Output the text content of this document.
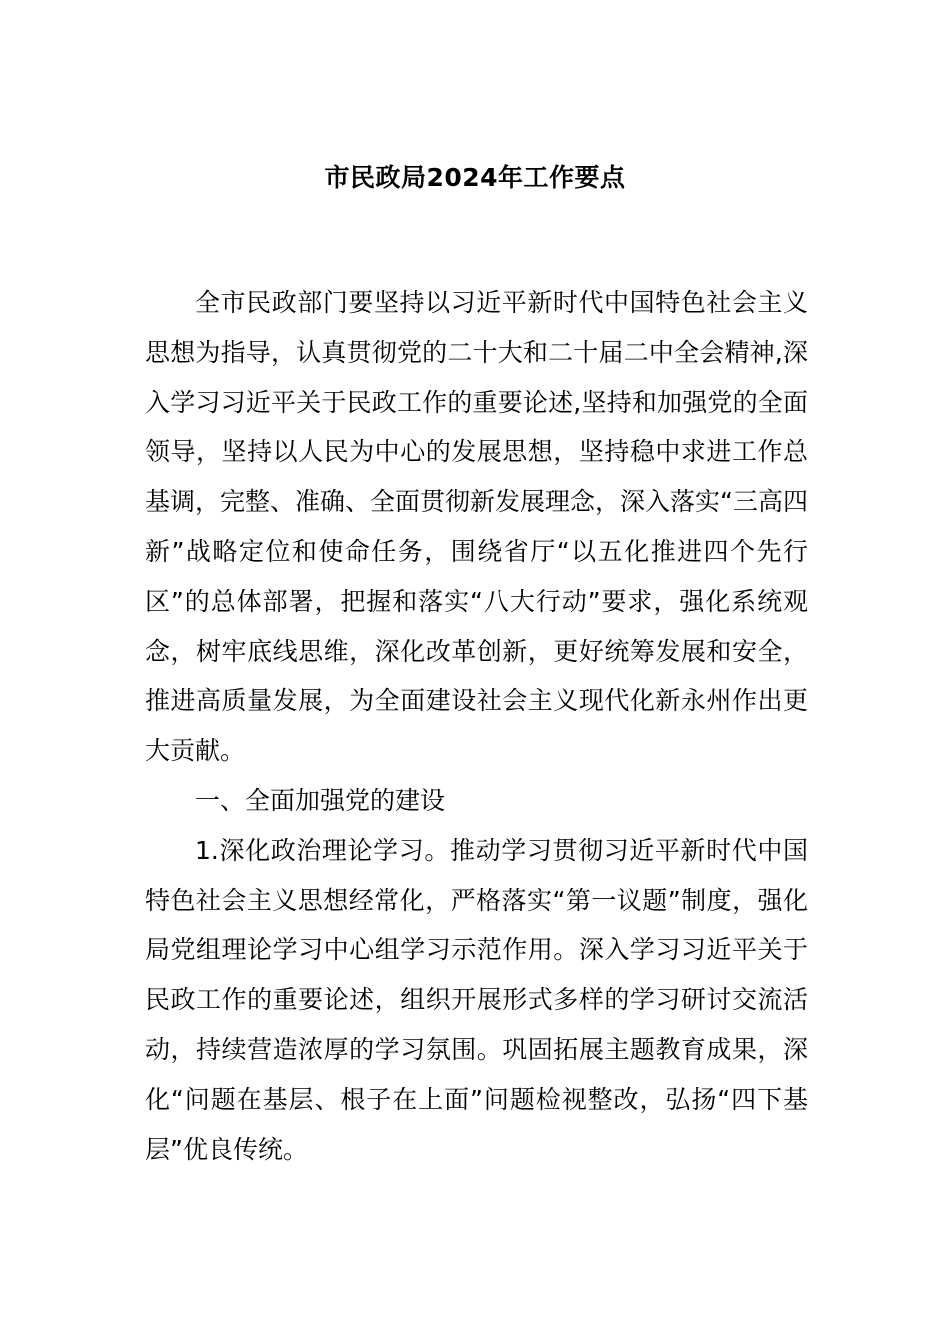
市民政局2024年工作要点

全市民政部门要坚持以习近平新时代中国特色社会主义思想为指导，认真贯彻党的二十大和二十届二中全会精神,深入学习习近平关于民政工作的重要论述,坚持和加强党的全面领导，坚持以人民为中心的发展思想，坚持稳中求进工作总基调，完整、准确、全面贯彻新发展理念，深入落实“三高四新”战略定位和使命任务，围绕省厅“以五化推进四个先行区”的总体部署，把握和落实“八大行动”要求，强化系统观念，树牢底线思维，深化改革创新，更好统筹发展和安全，推进高质量发展，为全面建设社会主义现代化新永州作出更大贡献。

一、全面加强党的建设

1.深化政治理论学习。推动学习贯彻习近平新时代中国特色社会主义思想经常化，严格落实“第一议题”制度，强化局党组理论学习中心组学习示范作用。深入学习习近平关于民政工作的重要论述，组织开展形式多样的学习研讨交流活动，持续营造浓厚的学习氛围。巩固拓展主题教育成果，深化“问题在基层、根子在上面”问题检视整改，弘扬“四下基层”优良传统。
